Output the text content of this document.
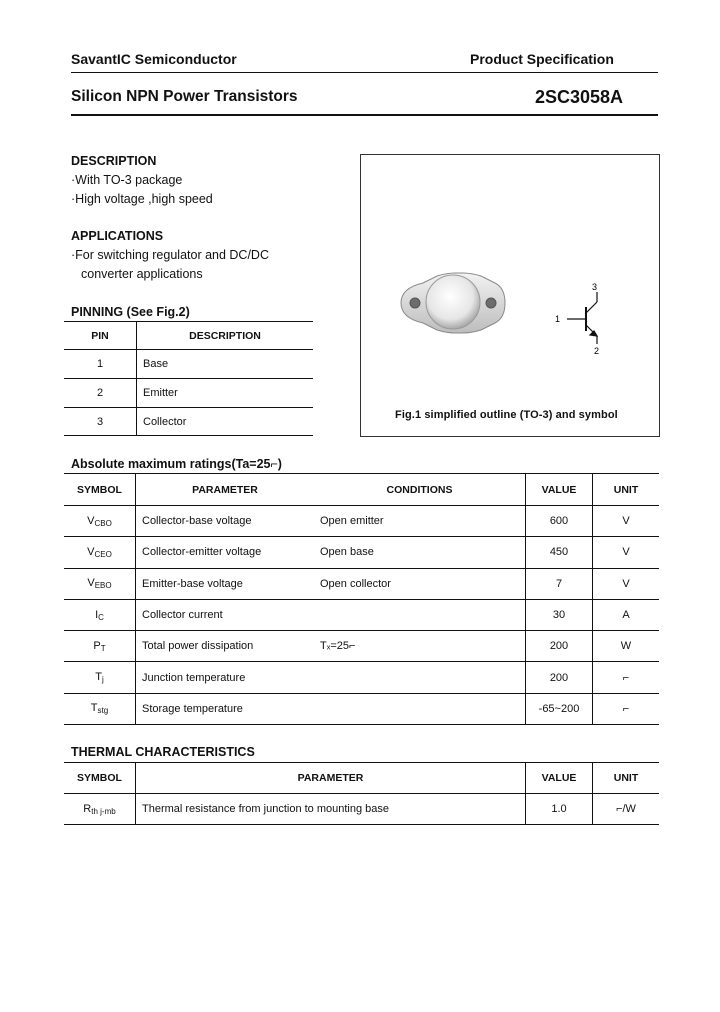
SavantIC Semiconductor	Product Specification
Silicon NPN Power Transistors	2SC3058A
DESCRIPTION
·With TO-3 package
·High voltage ,high speed
APPLICATIONS
·For switching regulator and DC/DC
converter applications
PINNING (See Fig.2)
PIN	DESCRIPTION
1	Base
2	Emitter
3	Collector
1
2
3
Fig.1 simplified outline (TO-3) and symbol
Absolute maximum ratings(Ta=25⌐)
SYMBOL	PARAMETER	CONDITIONS	VALUE	UNIT
$V_{CBO}$	Collector-base voltage	Open emitter	600	V
$V_{CEO}$	Collector-emitter voltage	Open base	450	V
$V_{EBO}$	Emitter-base voltage	Open collector	7	V
$I_C$	Collector current		30	A
$P_T$	Total power dissipation	Tₓ=25⌐	200	W
$T_j$	Junction temperature		200	⌐
$T_{stg}$	Storage temperature		-65~200	⌐
THERMAL CHARACTERISTICS
SYMBOL	PARAMETER	VALUE	UNIT
$R_{th j-mb}$	Thermal resistance from junction to mounting base	1.0	⌐/W
